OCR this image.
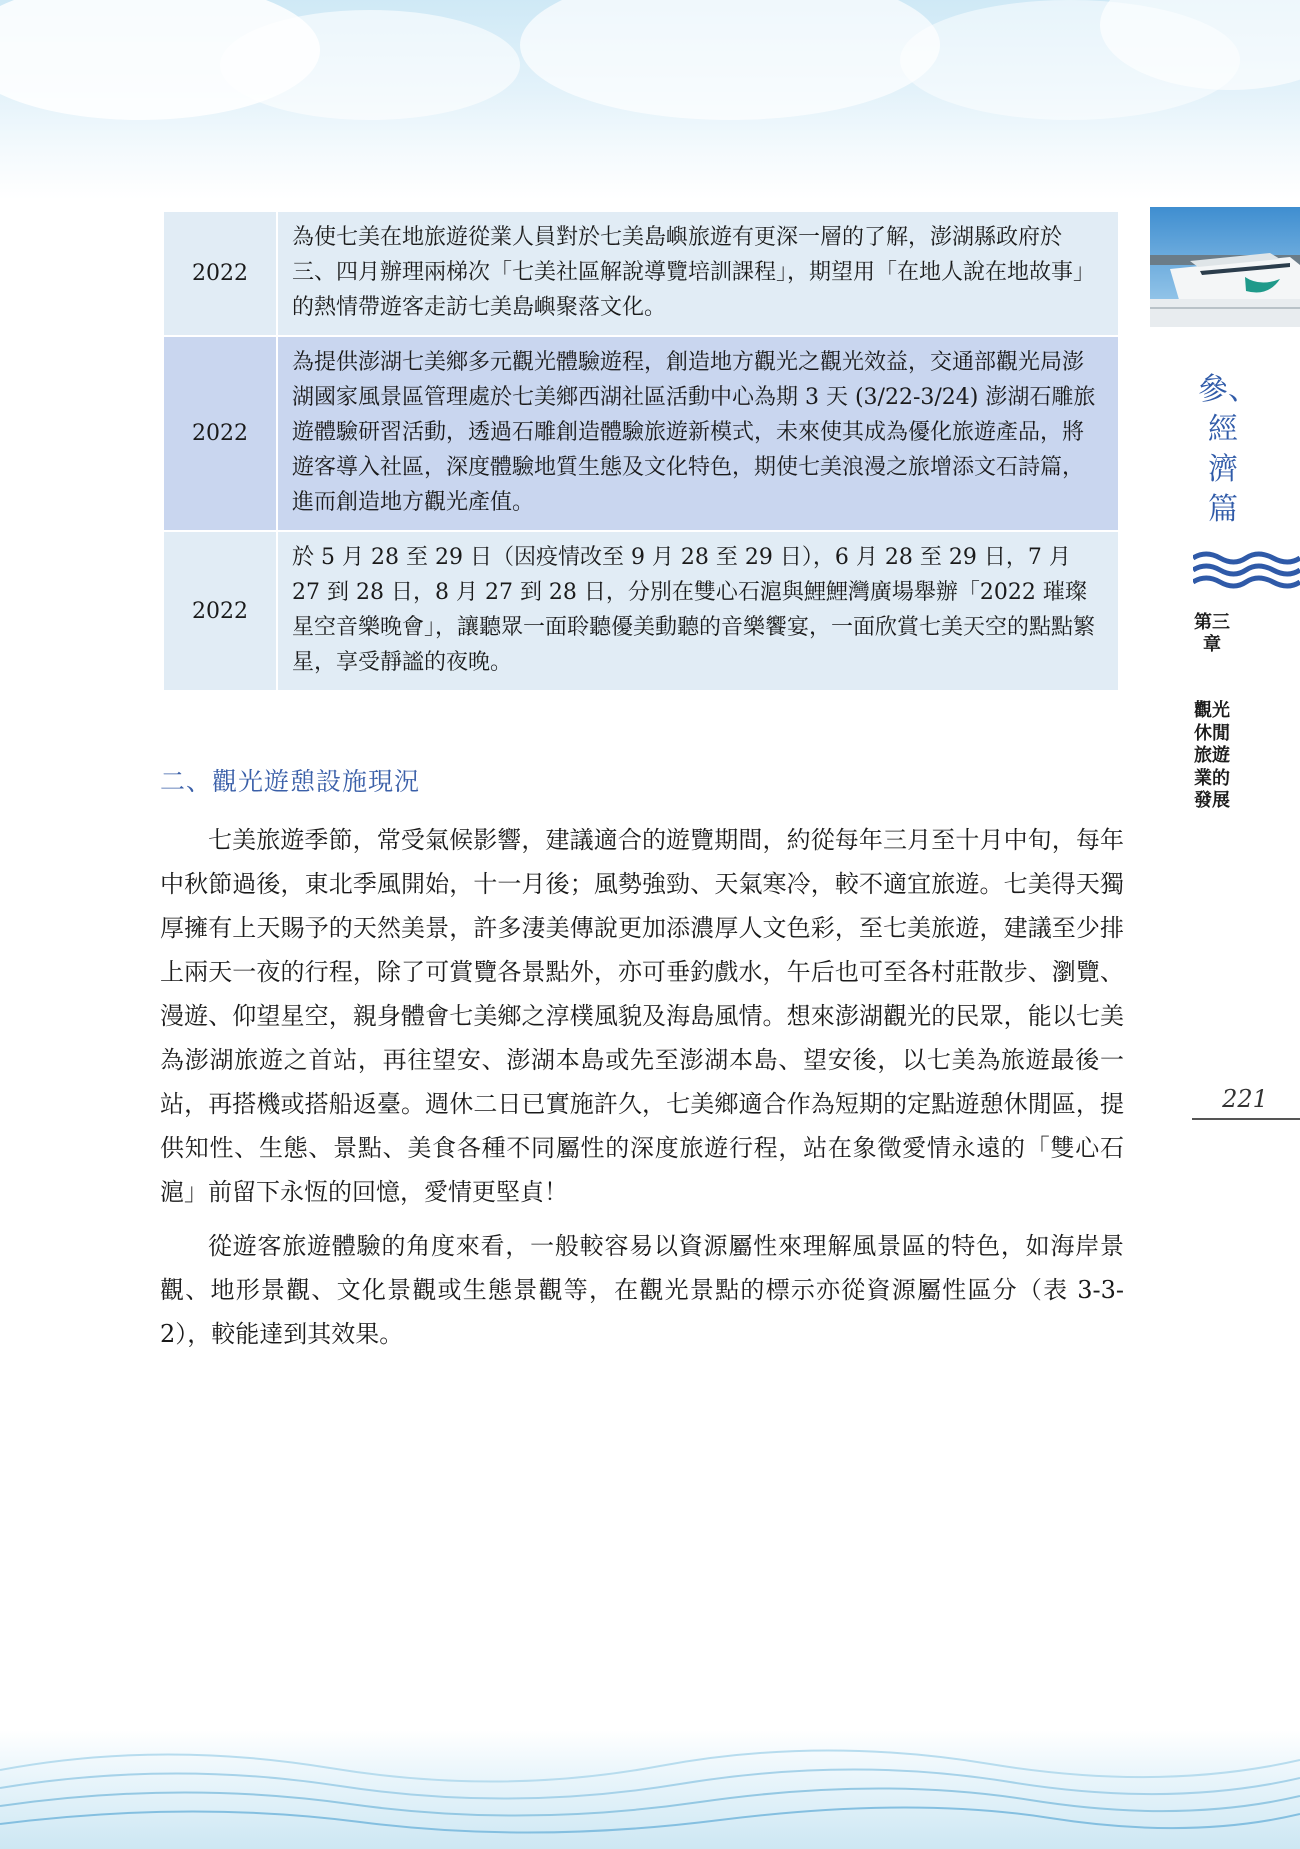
2022	為使七美在地旅遊從業人員對於七美島嶼旅遊有更深一層的了解，澎湖縣政府於三、四月辦理兩梯次「七美社區解說導覽培訓課程」，期望用「在地人說在地故事」的熱情帶遊客走訪七美島嶼聚落文化。
2022	為提供澎湖七美鄉多元觀光體驗遊程，創造地方觀光之觀光效益，交通部觀光局澎湖國家風景區管理處於七美鄉西湖社區活動中心為期 3 天 (3/22-3/24) 澎湖石雕旅遊體驗研習活動，透過石雕創造體驗旅遊新模式，未來使其成為優化旅遊產品，將遊客導入社區，深度體驗地質生態及文化特色，期使七美浪漫之旅增添文石詩篇，進而創造地方觀光產值。
2022	於 5 月 28 至 29 日（因疫情改至 9 月 28 至 29 日），6 月 28 至 29 日，7 月 27 到 28 日，8 月 27 到 28 日，分別在雙心石滬與鯉鯉灣廣場舉辦「2022 璀璨星空音樂晚會」，讓聽眾一面聆聽優美動聽的音樂饗宴，一面欣賞七美天空的點點繁星，享受靜謐的夜晚。
二、觀光遊憩設施現況

七美旅遊季節，常受氣候影響，建議適合的遊覽期間，約從每年三月至十月中旬，每年中秋節過後，東北季風開始，十一月後；風勢強勁、天氣寒冷，較不適宜旅遊。七美得天獨厚擁有上天賜予的天然美景，許多淒美傳說更加添濃厚人文色彩，至七美旅遊，建議至少排上兩天一夜的行程，除了可賞覽各景點外，亦可垂釣戲水，午后也可至各村莊散步、瀏覽、漫遊、仰望星空，親身體會七美鄉之淳樸風貌及海島風情。想來澎湖觀光的民眾，能以七美為澎湖旅遊之首站，再往望安、澎湖本島或先至澎湖本島、望安後，以七美為旅遊最後一站，再搭機或搭船返臺。週休二日已實施許久，七美鄉適合作為短期的定點遊憩休閒區，提供知性、生態、景點、美食各種不同屬性的深度旅遊行程，站在象徵愛情永遠的「雙心石滬」前留下永恆的回憶，愛情更堅貞！

從遊客旅遊體驗的角度來看，一般較容易以資源屬性來理解風景區的特色，如海岸景觀、地形景觀、文化景觀或生態景觀等，在觀光景點的標示亦從資源屬性區分（表 3-3-2），較能達到其效果。

參、經濟篇
第三章
觀光休閒旅遊業的發展
221
